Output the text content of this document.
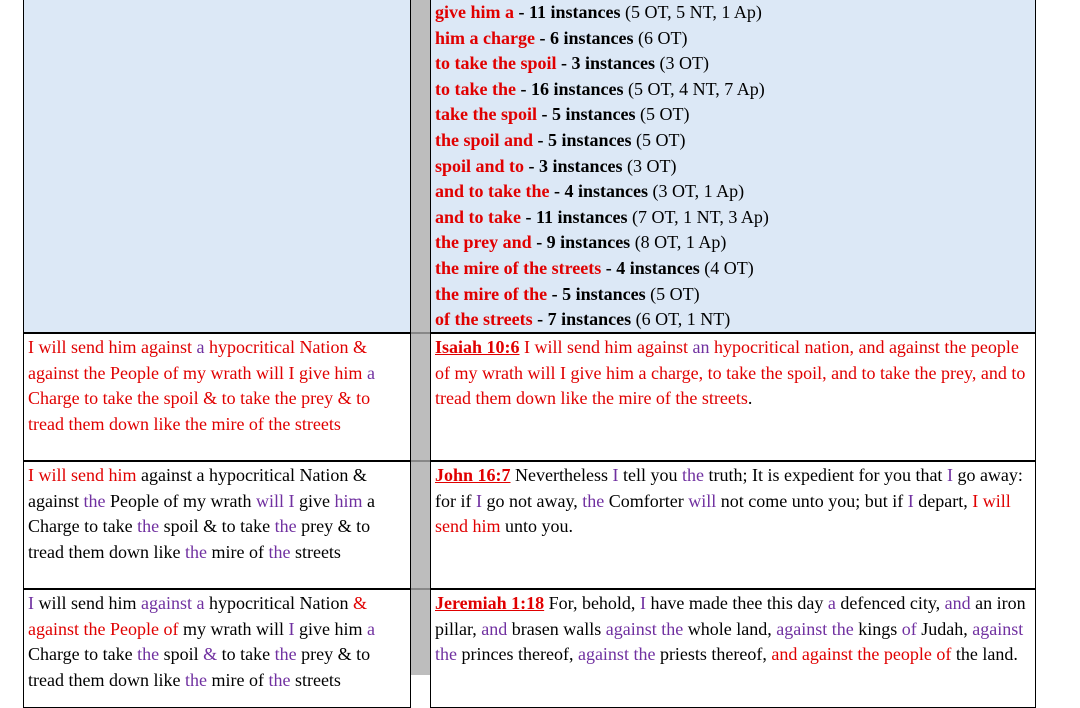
give him a - 11 instances (5 OT, 5 NT, 1 Ap)
him a charge - 6 instances (6 OT)
to take the spoil - 3 instances (3 OT)
to take the - 16 instances (5 OT, 4 NT, 7 Ap)
take the spoil - 5 instances (5 OT)
the spoil and - 5 instances (5 OT)
spoil and to - 3 instances (3 OT)
and to take the - 4 instances (3 OT, 1 Ap)
and to take - 11 instances (7 OT, 1 NT, 3 Ap)
the prey and - 9 instances (8 OT, 1 Ap)
the mire of the streets - 4 instances (4 OT)
the mire of the - 5 instances (5 OT)
of the streets - 7 instances (6 OT, 1 NT)
I will send him against a hypocritical Nation & against the People of my wrath will I give him a Charge to take the spoil & to take the prey & to tread them down like the mire of the streets
Isaiah 10:6 I will send him against an hypocritical nation, and against the people of my wrath will I give him a charge, to take the spoil, and to take the prey, and to tread them down like the mire of the streets.
I will send him against a hypocritical Nation & against the People of my wrath will I give him a Charge to take the spoil & to take the prey & to tread them down like the mire of the streets
John 16:7 Nevertheless I tell you the truth; It is expedient for you that I go away: for if I go not away, the Comforter will not come unto you; but if I depart, I will send him unto you.
I will send him against a hypocritical Nation & against the People of my wrath will I give him a Charge to take the spoil & to take the prey & to tread them down like the mire of the streets
Jeremiah 1:18 For, behold, I have made thee this day a defenced city, and an iron pillar, and brasen walls against the whole land, against the kings of Judah, against the princes thereof, against the priests thereof, and against the people of the land.
